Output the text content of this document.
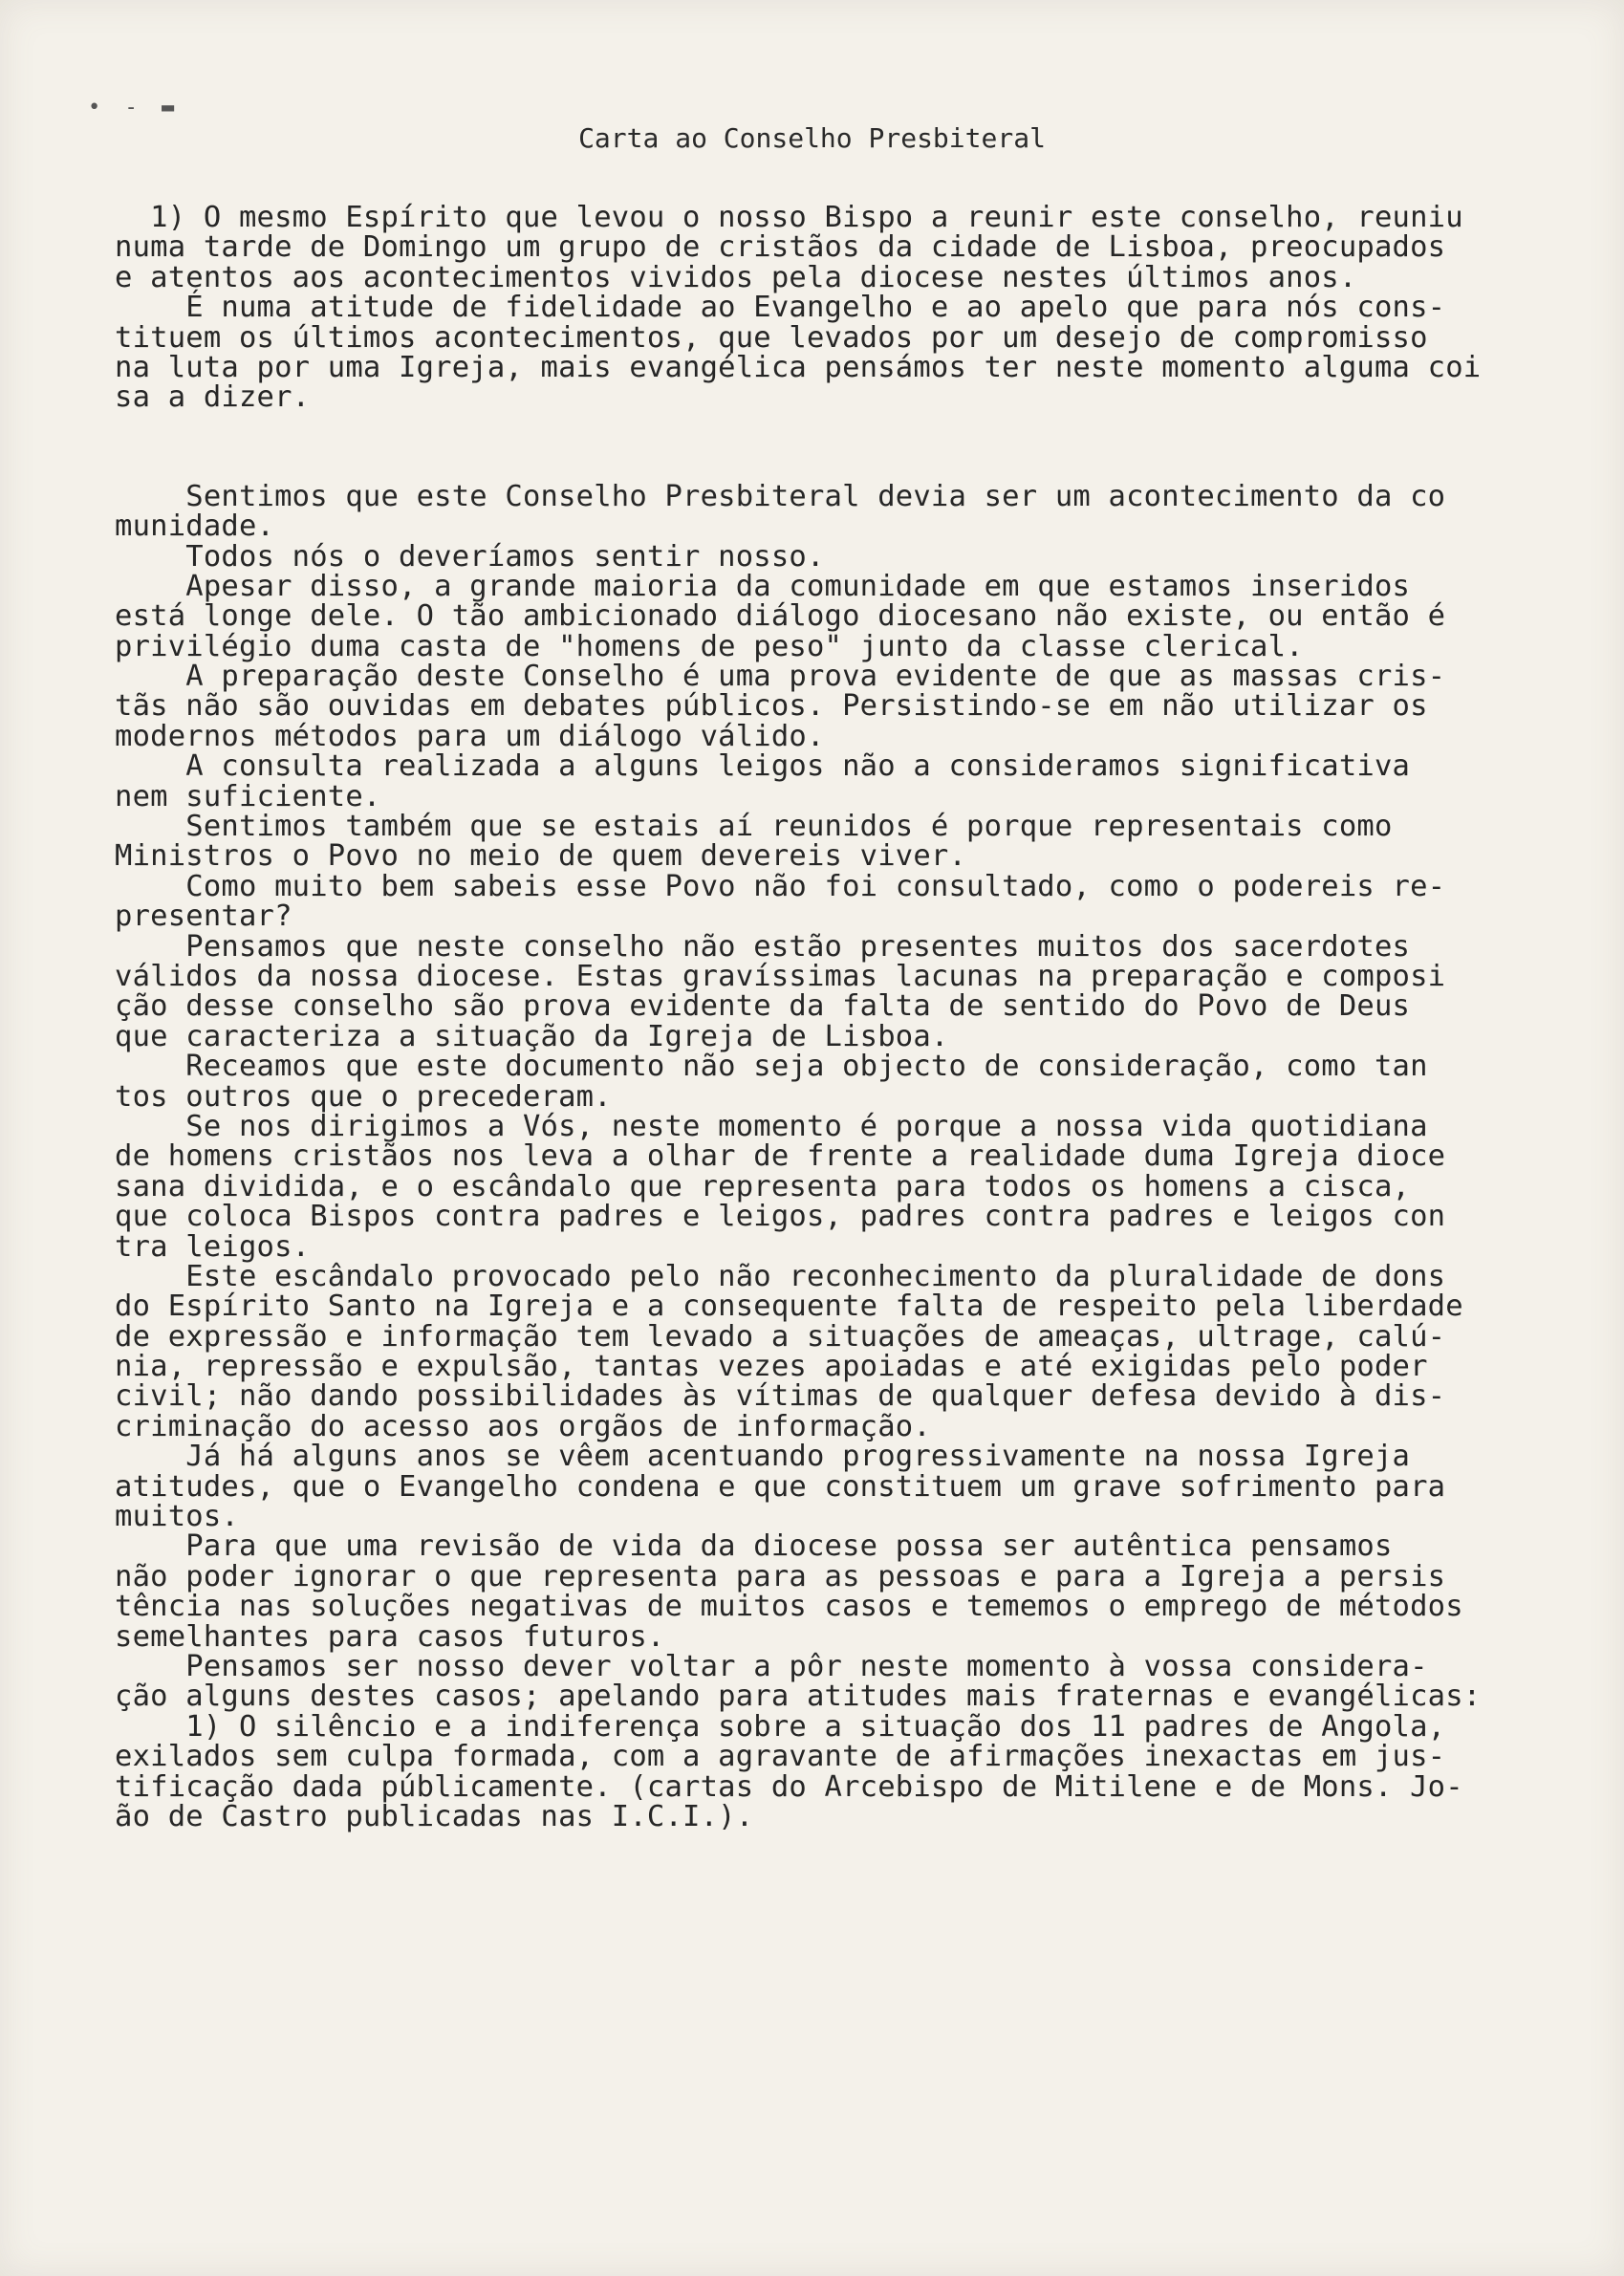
• - ▬
Carta ao Conselho Presbiteral
1) O mesmo Espírito que levou o nosso Bispo a reunir este conselho, reuniu
numa tarde de Domingo um grupo de cristãos da cidade de Lisboa, preocupados
e atentos aos acontecimentos vividos pela diocese nestes últimos anos.
É numa atitude de fidelidade ao Evangelho e ao apelo que para nós cons-
tituem os últimos acontecimentos, que levados por um desejo de compromisso
na luta por uma Igreja, mais evangélica pensámos ter neste momento alguma coi
sa a dizer.
Sentimos que este Conselho Presbiteral devia ser um acontecimento da co
munidade.
Todos nós o deveríamos sentir nosso.
Apesar disso, a grande maioria da comunidade em que estamos inseridos
está longe dele. O tão ambicionado diálogo diocesano não existe, ou então é
privilégio duma casta de "homens de peso" junto da classe clerical.
A preparação deste Conselho é uma prova evidente de que as massas cris-
tãs não são ouvidas em debates públicos. Persistindo-se em não utilizar os
modernos métodos para um diálogo válido.
A consulta realizada a alguns leigos não a consideramos significativa
nem suficiente.
Sentimos também que se estais aí reunidos é porque representais como
Ministros o Povo no meio de quem devereis viver.
Como muito bem sabeis esse Povo não foi consultado, como o podereis re-
presentar?
Pensamos que neste conselho não estão presentes muitos dos sacerdotes
válidos da nossa diocese. Estas gravíssimas lacunas na preparação e composi
ção desse conselho são prova evidente da falta de sentido do Povo de Deus
que caracteriza a situação da Igreja de Lisboa.
Receamos que este documento não seja objecto de consideração, como tan
tos outros que o precederam.
Se nos dirigimos a Vós, neste momento é porque a nossa vida quotidiana
de homens cristãos nos leva a olhar de frente a realidade duma Igreja dioce
sana dividida, e o escândalo que representa para todos os homens a cisca,
que coloca Bispos contra padres e leigos, padres contra padres e leigos con
tra leigos.
Este escândalo provocado pelo não reconhecimento da pluralidade de dons
do Espírito Santo na Igreja e a consequente falta de respeito pela liberdade
de expressão e informação tem levado a situações de ameaças, ultrage, calú-
nia, repressão e expulsão, tantas vezes apoiadas e até exigidas pelo poder
civil; não dando possibilidades às vítimas de qualquer defesa devido à dis-
criminação do acesso aos orgãos de informação.
Já há alguns anos se vêem acentuando progressivamente na nossa Igreja
atitudes, que o Evangelho condena e que constituem um grave sofrimento para
muitos.
Para que uma revisão de vida da diocese possa ser autêntica pensamos
não poder ignorar o que representa para as pessoas e para a Igreja a persis
tência nas soluções negativas de muitos casos e tememos o emprego de métodos
semelhantes para casos futuros.
Pensamos ser nosso dever voltar a pôr neste momento à vossa considera-
ção alguns destes casos; apelando para atitudes mais fraternas e evangélicas:
1) O silêncio e a indiferença sobre a situação dos 11 padres de Angola,
exilados sem culpa formada, com a agravante de afirmações inexactas em jus-
tificação dada públicamente. (cartas do Arcebispo de Mitilene e de Mons. Jo-
ão de Castro publicadas nas I.C.I.).
